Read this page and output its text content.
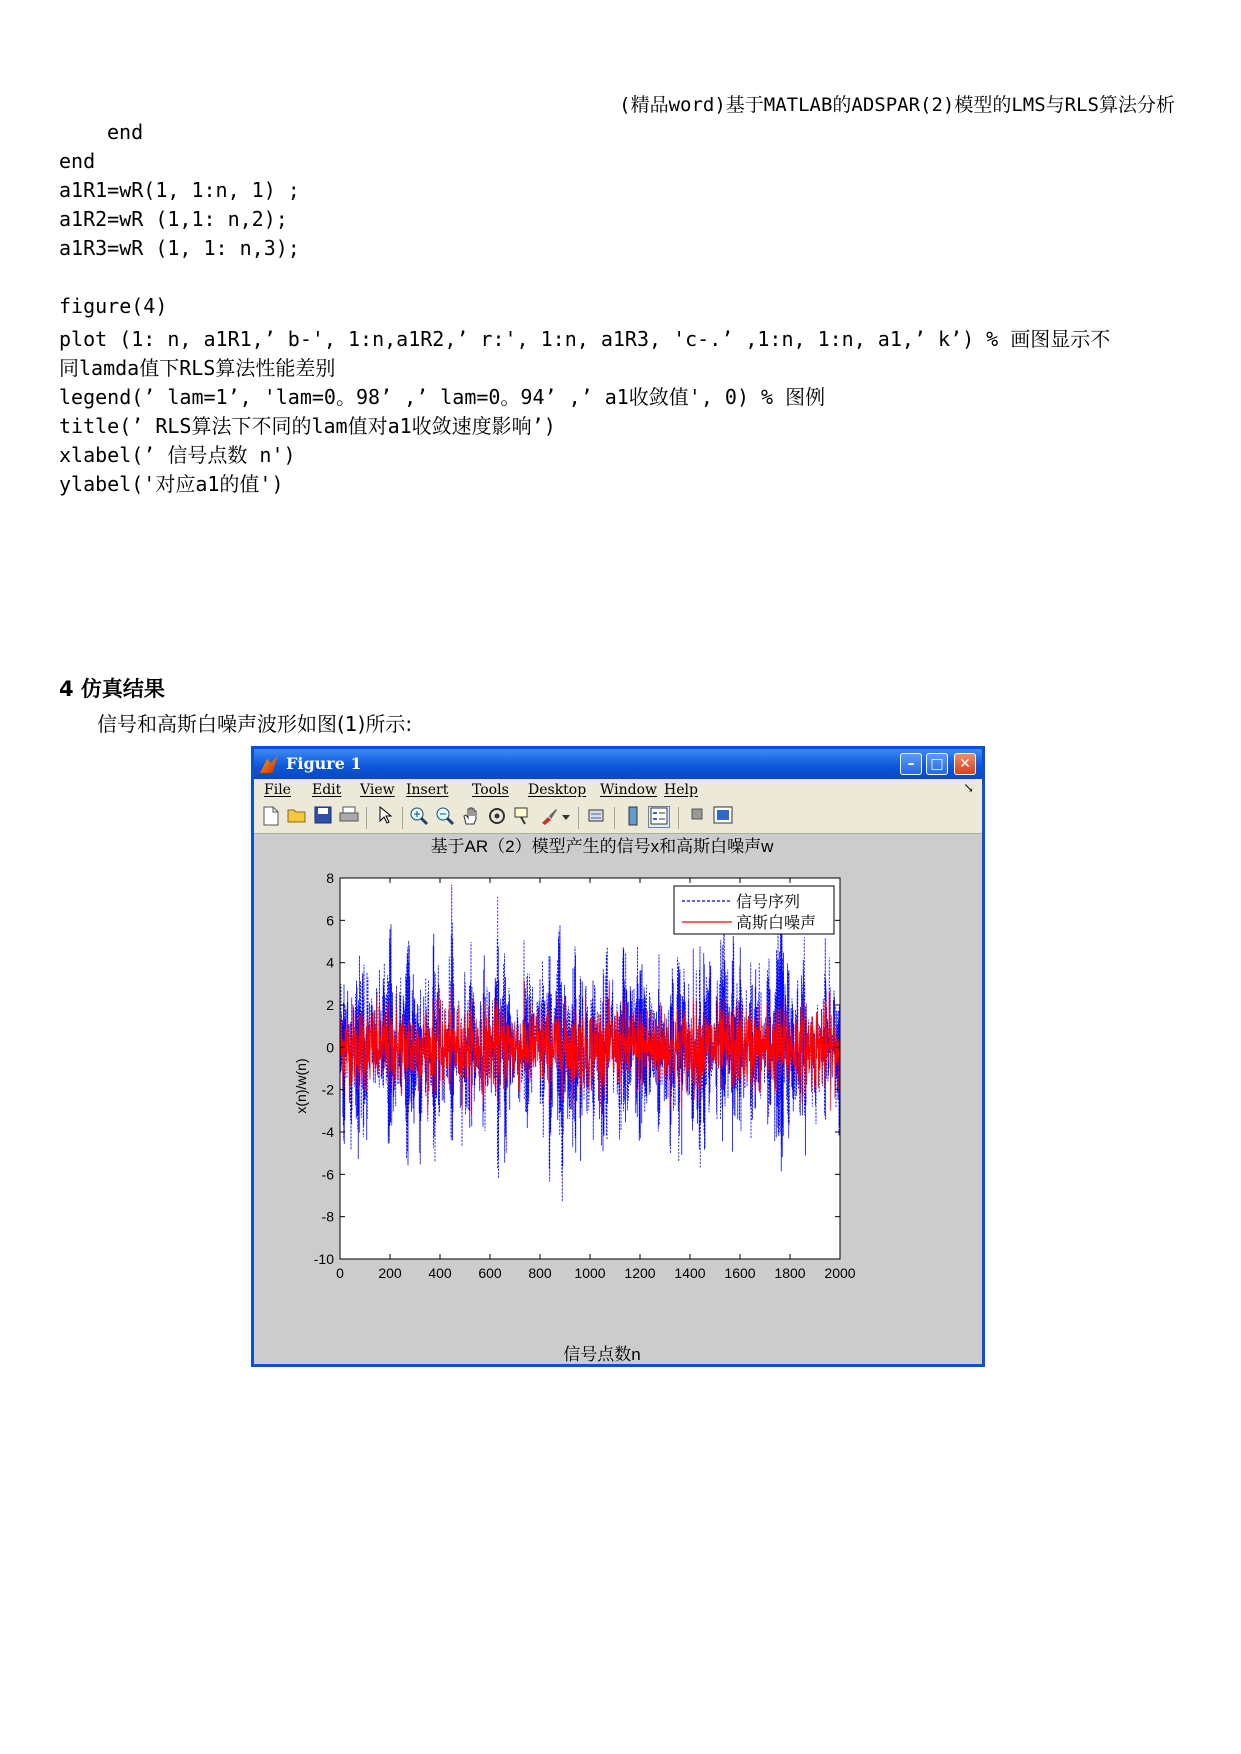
(精品word)基于MATLAB的ADSPAR(2)模型的LMS与RLS算法分析
end
end
a1R1=wR(1, 1:n, 1) ;
a1R2=wR (1,1: n,2);
a1R3=wR (1, 1: n,3);
figure(4)
plot (1: n, a1R1,’ b-', 1:n,a1R2,’ r:', 1:n, a1R3, 'c-.’ ,1:n, 1:n, a1,’ k’) % 画图显示不
同lamda值下RLS算法性能差别
legend(’ lam=1’, 'lam=0。98’ ,’ lam=0。94’ ,’ a1收敛值', 0) % 图例
title(’ RLS算法下不同的lam值对a1收敛速度影响’)
xlabel(’ 信号点数 n')
ylabel('对应a1的值')
4 仿真结果
信号和高斯白噪声波形如图(1)所示:
Figure 1	–	□	✕
File Edit View Insert Tools Desktop Window Help	↘
基于AR（2）模型产生的信号x和高斯白噪声w
0 200 400 600 800 1000 1200 1400 1600 1800 2000
8
6
4
2
0
-2
-4
-6
-8
-10
信号点数n
x(n)/w(n)
信号序列
高斯白噪声
